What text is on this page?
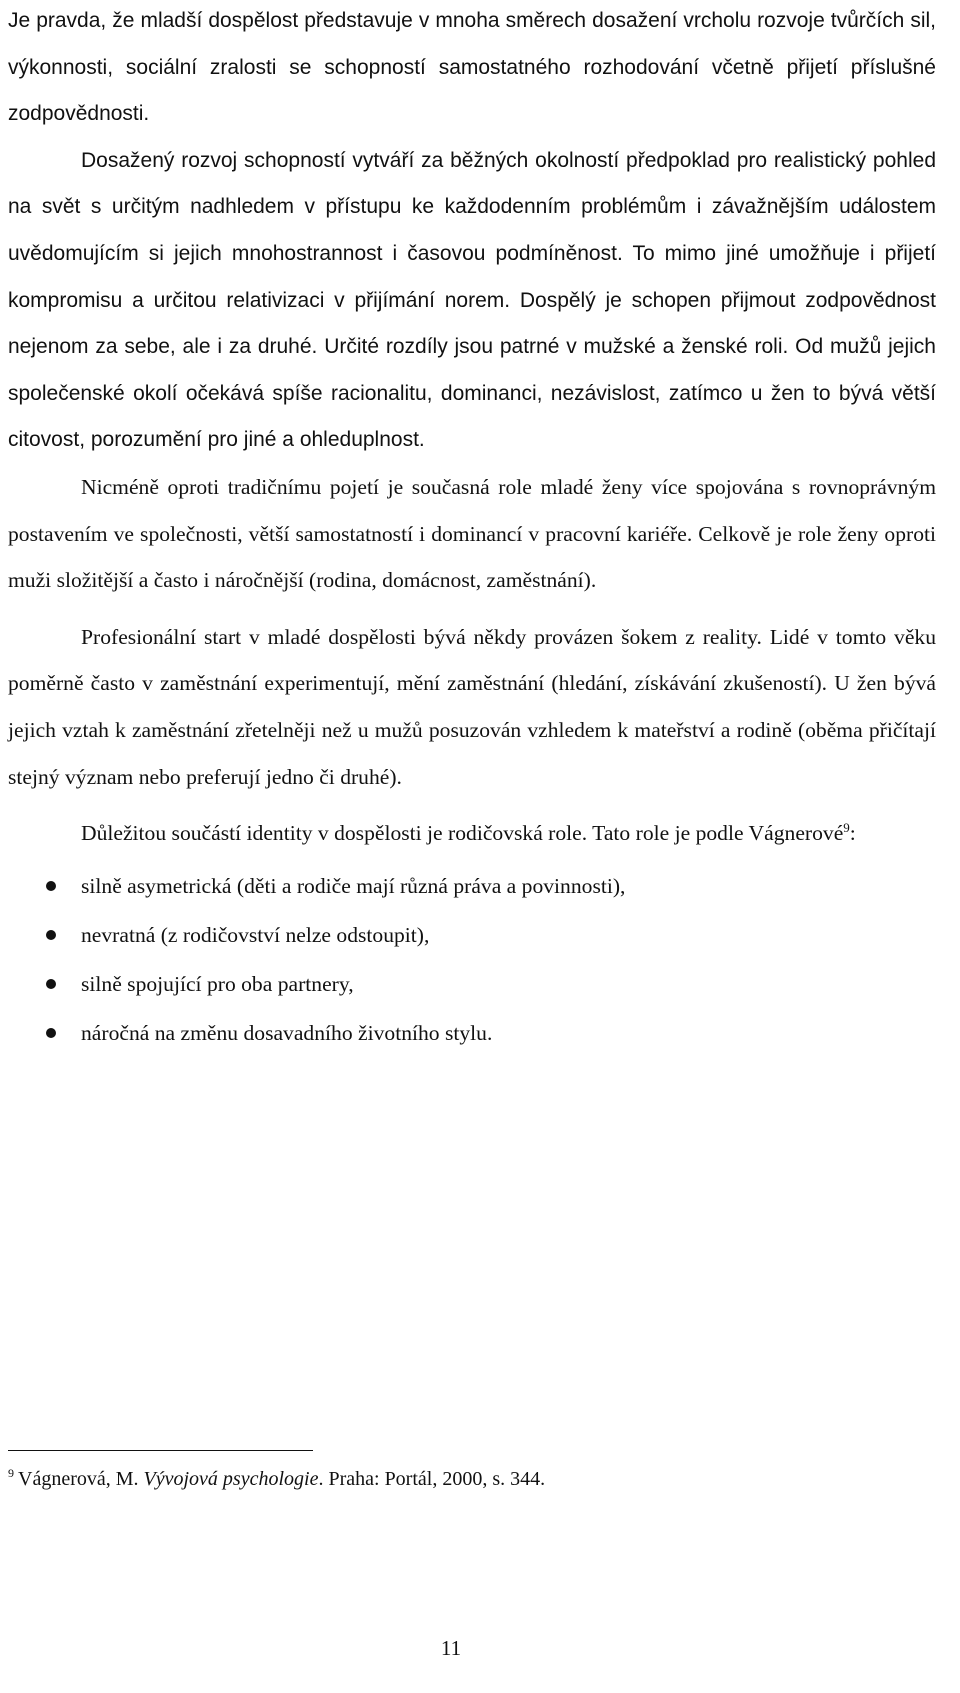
Je pravda, že mladší dospělost představuje v mnoha směrech dosažení vrcholu rozvoje tvůrčích sil, výkonnosti, sociální zralosti se schopností samostatného rozhodování včetně přijetí příslušné zodpovědnosti.

Dosažený rozvoj schopností vytváří za běžných okolností předpoklad pro realistický pohled na svět s určitým nadhledem v přístupu ke každodenním problémům i závažnějším událostem uvědomujícím si jejich mnohostrannost i časovou podmíněnost. To mimo jiné umožňuje i přijetí kompromisu a určitou relativizaci v přijímání norem. Dospělý je schopen přijmout zodpovědnost nejenom za sebe, ale i za druhé. Určité rozdíly jsou patrné v mužské a ženské roli. Od mužů jejich společenské okolí očekává spíše racionalitu, dominanci, nezávislost, zatímco u žen to bývá větší citovost, porozumění pro jiné a ohleduplnost.

Nicméně oproti tradičnímu pojetí je současná role mladé ženy více spojována s rovnoprávným postavením ve společnosti, větší samostatností i dominancí v pracovní kariéře. Celkově je role ženy oproti muži složitější a často i náročnější (rodina, domácnost, zaměstnání).

Profesionální start v mladé dospělosti bývá někdy provázen šokem z reality. Lidé v tomto věku poměrně často v zaměstnání experimentují, mění zaměstnání (hledání, získávání zkušeností). U žen bývá jejich vztah k zaměstnání zřetelněji než u mužů posuzován vzhledem k mateřství a rodině (oběma přičítají stejný význam nebo preferují jedno či druhé).

Důležitou součástí identity v dospělosti je rodičovská role. Tato role je podle Vágnerové$^9$:

silně asymetrická (děti a rodiče mají různá práva a povinnosti),
nevratná (z rodičovství nelze odstoupit),
silně spojující pro oba partnery,
náročná na změnu dosavadního životního stylu.
$^9$ Vágnerová, M. Vývojová psychologie. Praha: Portál, 2000, s. 344.
11
